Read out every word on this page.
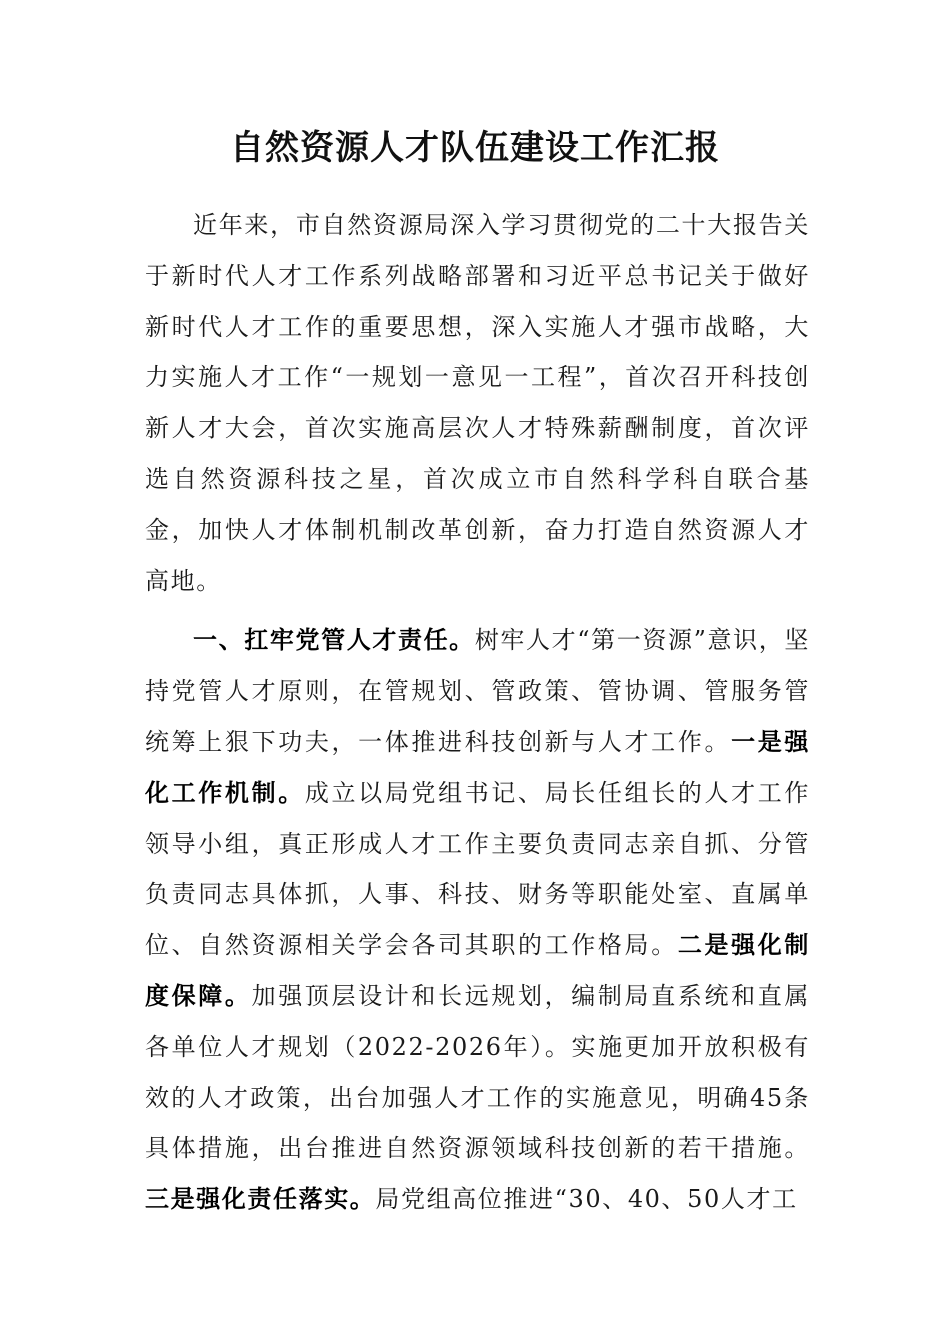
自然资源人才队伍建设工作汇报

近年来，市自然资源局深入学习贯彻党的二十大报告关于新时代人才工作系列战略部署和习近平总书记关于做好新时代人才工作的重要思想，深入实施人才强市战略，大力实施人才工作“一规划一意见一工程”，首次召开科技创新人才大会，首次实施高层次人才特殊薪酬制度，首次评选自然资源科技之星，首次成立市自然科学科自联合基金，加快人才体制机制改革创新，奋力打造自然资源人才高地。

一、扛牢党管人才责任。树牢人才“第一资源”意识，坚持党管人才原则，在管规划、管政策、管协调、管服务管统筹上狠下功夫，一体推进科技创新与人才工作。一是强化工作机制。成立以局党组书记、局长任组长的人才工作领导小组，真正形成人才工作主要负责同志亲自抓、分管负责同志具体抓，人事、科技、财务等职能处室、直属单位、自然资源相关学会各司其职的工作格局。二是强化制度保障。加强顶层设计和长远规划，编制局直系统和直属各单位人才规划（2022-2026年）。实施更加开放积极有效的人才政策，出台加强人才工作的实施意见，明确45条具体措施，出台推进自然资源领域科技创新的若干措施。三是强化责任落实。局党组高位推进“30、40、50人才工
